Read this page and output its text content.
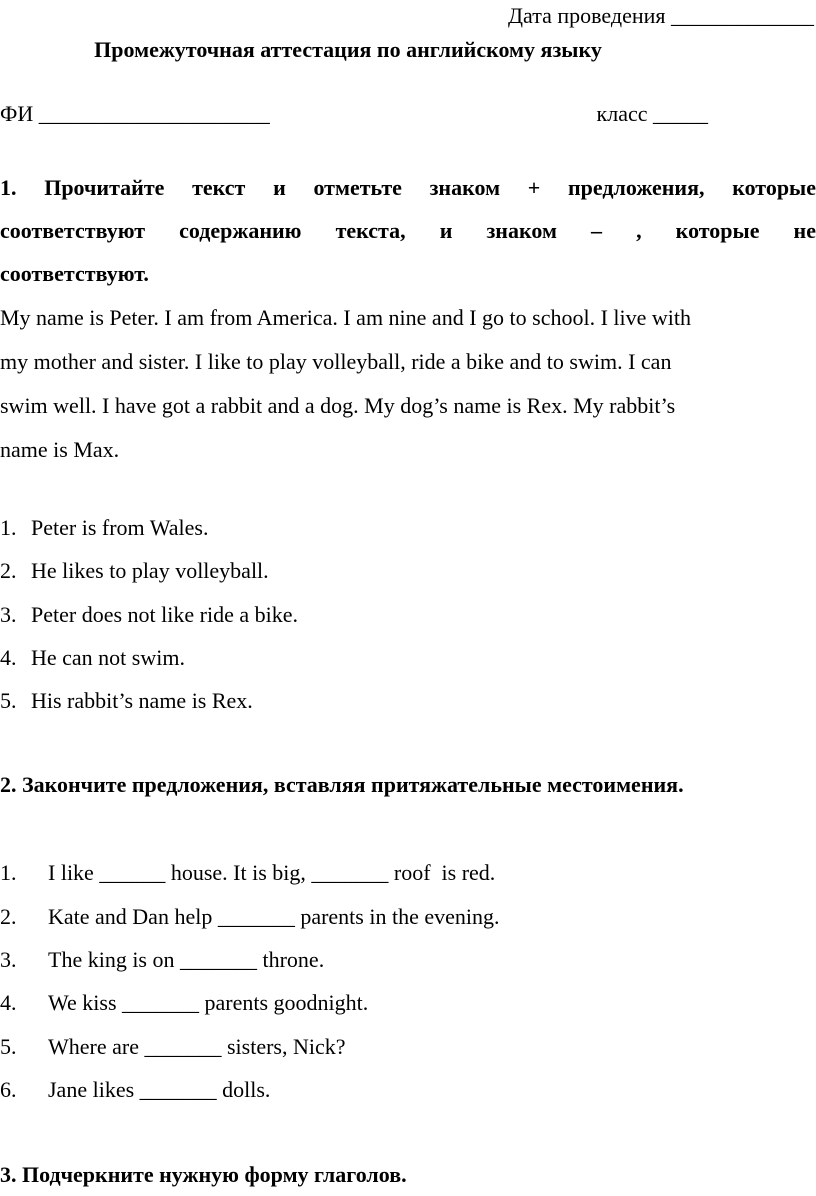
Дата проведения _____________
Промежуточная аттестация по английскому языку
ФИ _____________________	класс _____
1. Прочитайте текст и отметьте знаком + предложения, которые
соответствуют содержанию текста, и знаком – , которые не
соответствуют.
My name is Peter. I am from America. I am nine and I go to school. I live with
my mother and sister. I like to play volleyball, ride a bike and to swim. I can
swim well. I have got a rabbit and a dog. My dog’s name is Rex. My rabbit’s
name is Max.
1. Peter is from Wales.
2. He likes to play volleyball.
3. Peter does not like ride a bike.
4. He can not swim.
5. His rabbit’s name is Rex.
2. Закончите предложения, вставляя притяжательные местоимения.
1.	I like ______ house. It is big, _______ roof  is red.
2.	Kate and Dan help _______ parents in the evening.
3.	The king is on _______ throne.
4.	We kiss _______ parents goodnight.
5.	Where are _______ sisters, Nick?
6.	Jane likes _______ dolls.
3. Подчеркните нужную форму глаголов.
